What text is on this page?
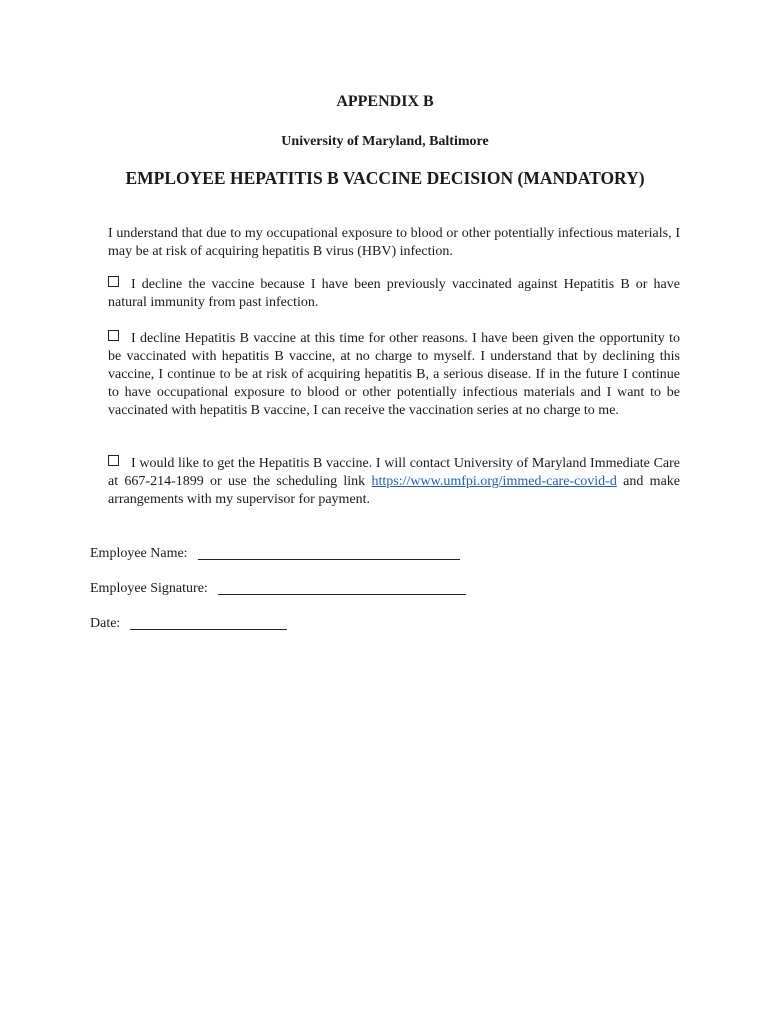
APPENDIX B
University of Maryland, Baltimore
EMPLOYEE HEPATITIS B VACCINE DECISION (MANDATORY)
I understand that due to my occupational exposure to blood or other potentially infectious materials, I may be at risk of acquiring hepatitis B virus (HBV) infection.
I decline the vaccine because I have been previously vaccinated against Hepatitis B or have natural immunity from past infection.
I decline Hepatitis B vaccine at this time for other reasons. I have been given the opportunity to be vaccinated with hepatitis B vaccine, at no charge to myself. I understand that by declining this vaccine, I continue to be at risk of acquiring hepatitis B, a serious disease. If in the future I continue to have occupational exposure to blood or other potentially infectious materials and I want to be vaccinated with hepatitis B vaccine, I can receive the vaccination series at no charge to me.
I would like to get the Hepatitis B vaccine. I will contact University of Maryland Immediate Care at 667-214-1899 or use the scheduling link https://www.umfpi.org/immed-care-covid-d and make arrangements with my supervisor for payment.
Employee Name:
Employee Signature:
Date:
